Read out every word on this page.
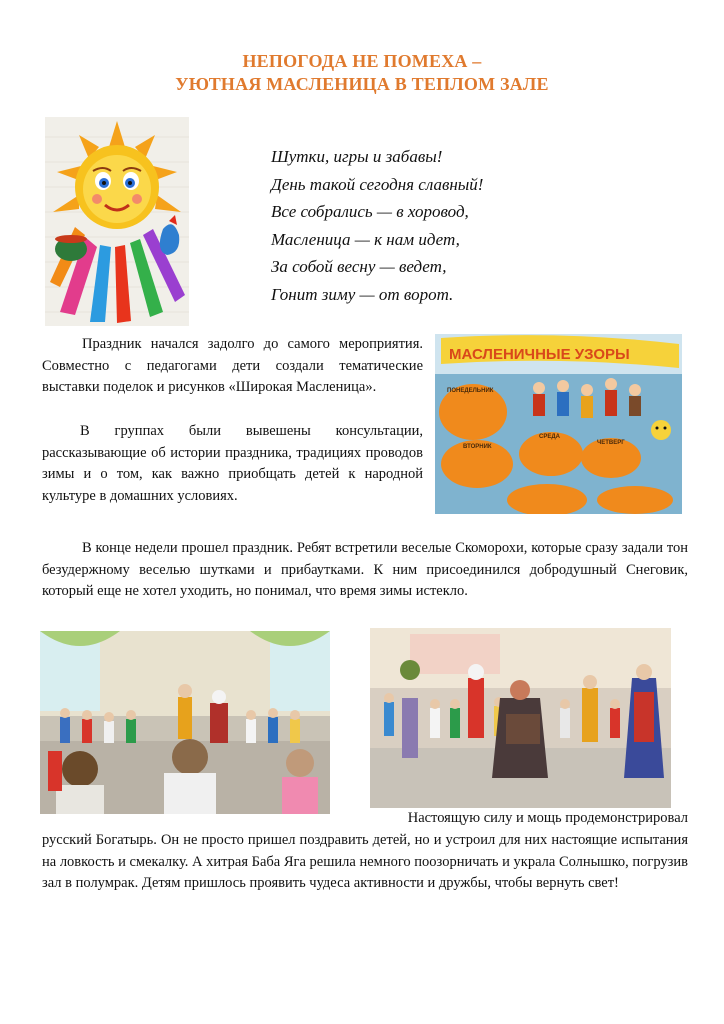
НЕПОГОДА НЕ ПОМЕХА –
УЮТНАЯ МАСЛЕНИЦА В ТЕПЛОМ ЗАЛЕ
Шутки, игры и забавы!
День такой сегодня славный!
Все собрались — в хоровод,
Масленица — к нам идет,
За собой весну — ведет,
Гонит зиму — от ворот.

Праздник начался задолго до самого мероприятия. Совместно с педагогами дети создали тематические выставки поделок и рисунков «Широкая Масленица».

В группах были вывешены консультации, рассказывающие об истории праздника, традициях проводов зимы и о том, как важно приобщать детей к народной культуре в домашних условиях.

МАСЛЕНИЧНЫЕ УЗОРЫ
ПОНЕДЕЛЬНИК
ВТОРНИК
СРЕДА
ЧЕТВЕРГ

В конце недели прошел праздник. Ребят встретили веселые Скоморохи, которые сразу задали тон безудержному веселью шутками и прибаутками. К ним присоединился добродушный Снеговик, который еще не хотел уходить, но понимал, что время зимы истекло.

Настоящую силу и мощь продемонстрировал

русский Богатырь. Он не просто пришел поздравить детей, но и устроил для них настоящие испытания на ловкость и смекалку. А хитрая Баба Яга решила немного поозорничать и украла Солнышко, погрузив зал в полумрак. Детям пришлось проявить чудеса активности и дружбы, чтобы вернуть свет!
